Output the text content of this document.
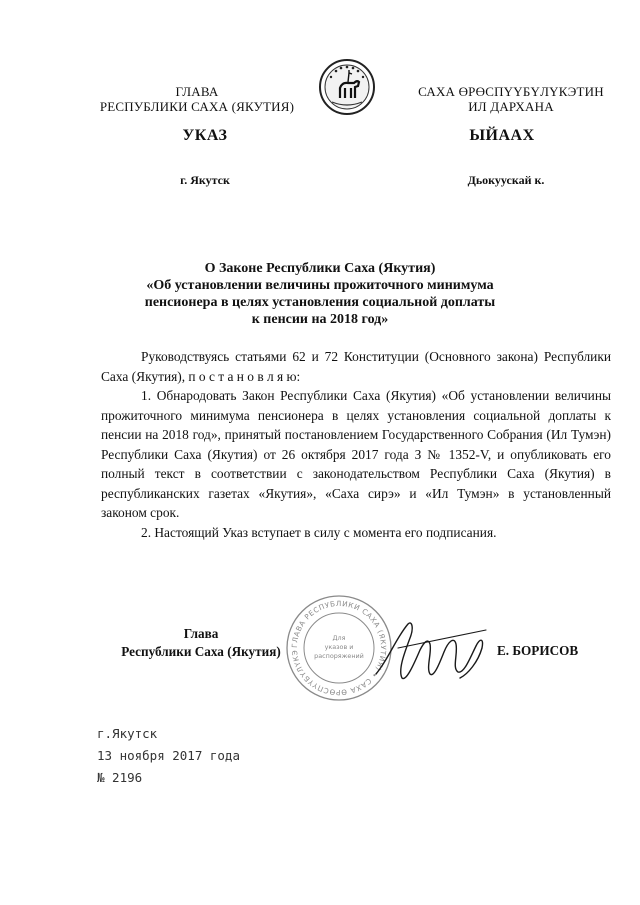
ГЛАВА
РЕСПУБЛИКИ САХА (ЯКУТИЯ)
САХА ӨРӨСПҮҮБҮЛҮКЭТИН
ИЛ ДАРХАНА
УКАЗ	ЫЙААХ
г. Якутск	Дьокуускай к.
О Законе Республики Саха (Якутия)
«Об установлении величины прожиточного минимума
пенсионера в целях установления социальной доплаты
к пенсии на 2018 год»
Руководствуясь статьями 62 и 72 Конституции (Основного закона) Республики Саха (Якутия), п о с т а н о в л я ю:
1. Обнародовать Закон Республики Саха (Якутия) «Об установлении величины прожиточного минимума пенсионера в целях установления социальной доплаты к пенсии на 2018 год», принятый постановлением Государственного Собрания (Ил Тумэн) Республики Саха (Якутия) от 26 октября 2017 года З № 1352-V, и опубликовать его полный текст в соответствии с законодательством Республики Саха (Якутия) в республиканских газетах «Якутия», «Саха сирэ» и «Ил Тумэн» в установленный законом срок.
2. Настоящий Указ вступает в силу с момента его подписания.
Глава
Республики Саха (Якутия)	Е. БОРИСОВ
ГЛАВА РЕСПУБЛИКИ САХА (ЯКУТИЯ) • САХА ӨРӨСПҮҮБҮЛҮКЭ
Для
указов и
распоряжений
г.Якутск
13 ноября 2017 года
№ 2196
